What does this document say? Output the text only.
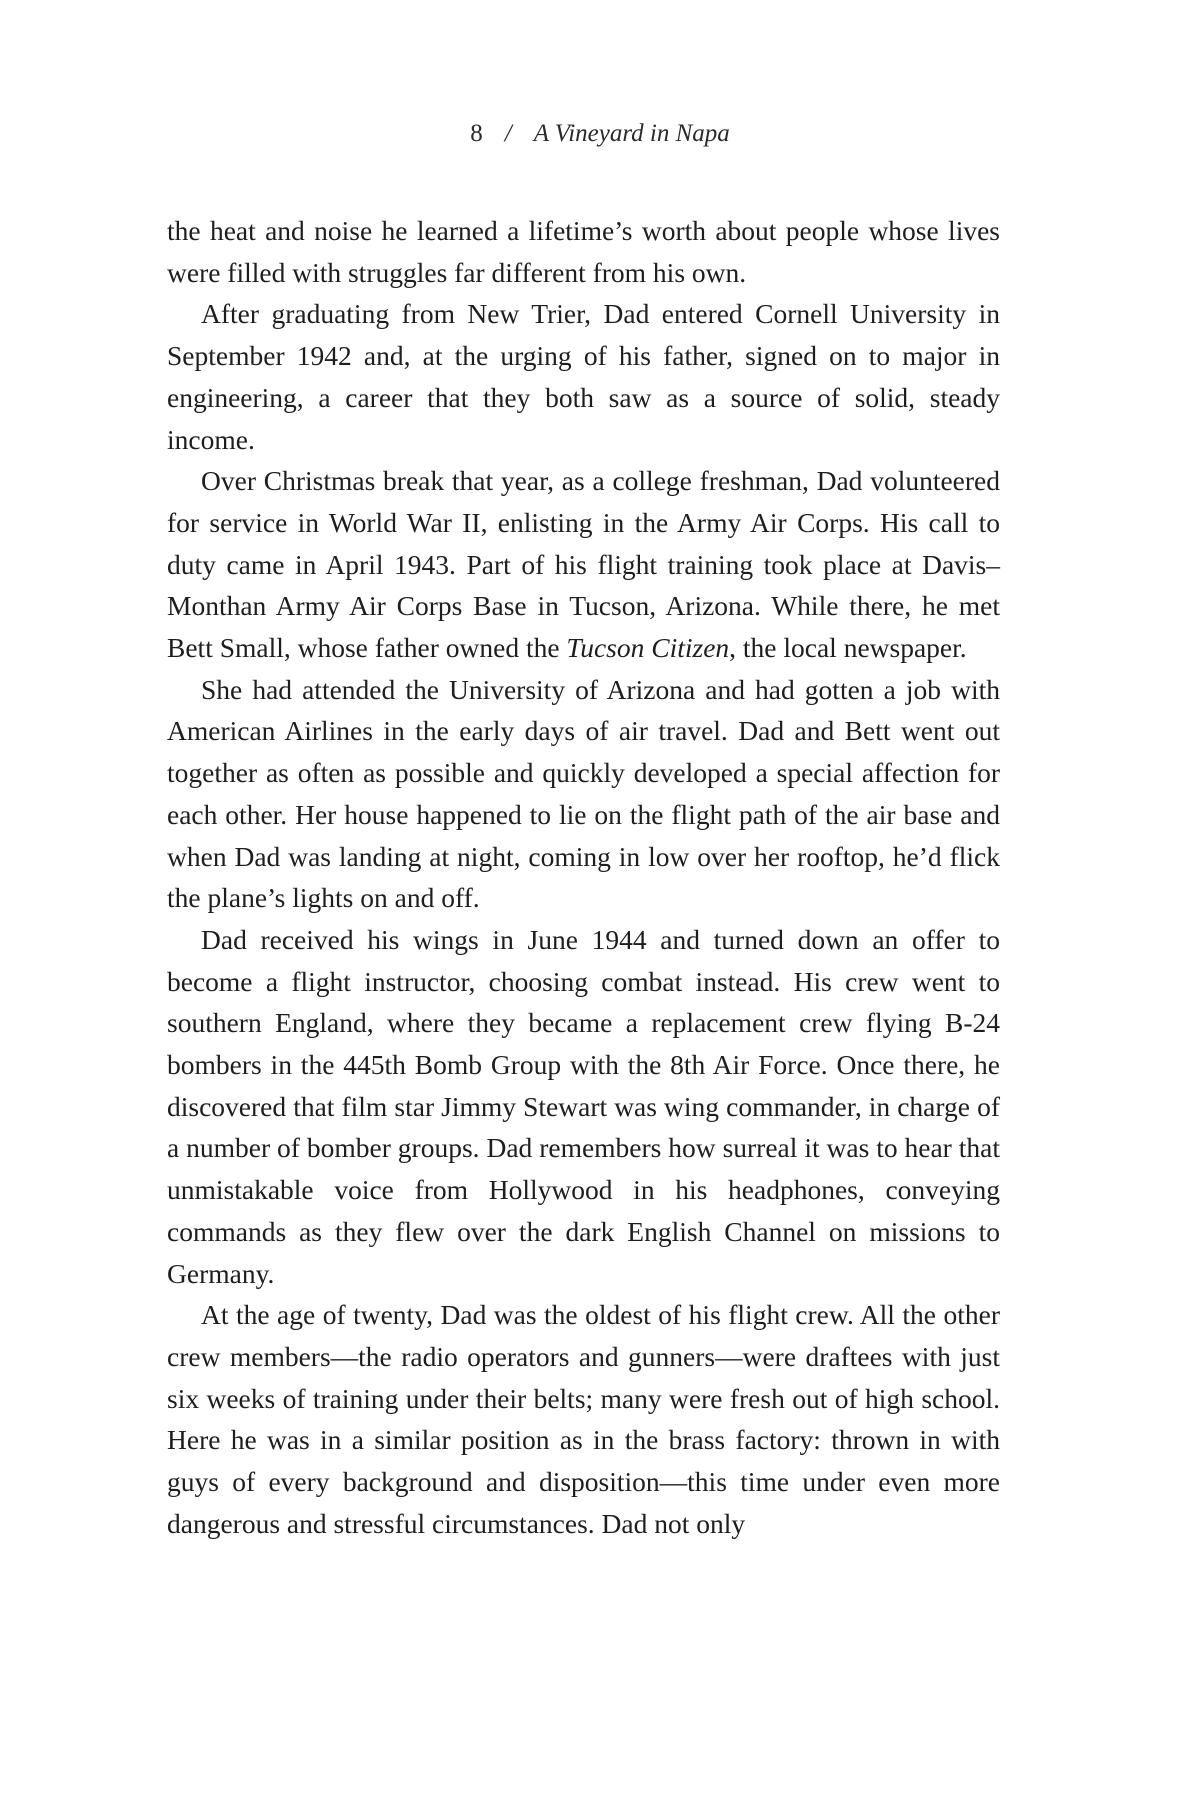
8 / A Vineyard in Napa

the heat and noise he learned a lifetime’s worth about people whose lives were filled with struggles far different from his own.

After graduating from New Trier, Dad entered Cornell University in September 1942 and, at the urging of his father, signed on to major in engineering, a career that they both saw as a source of solid, steady income.

Over Christmas break that year, as a college freshman, Dad volunteered for service in World War II, enlisting in the Army Air Corps. His call to duty came in April 1943. Part of his flight training took place at Davis–Monthan Army Air Corps Base in Tucson, Arizona. While there, he met Bett Small, whose father owned the Tucson Citizen, the local newspaper.

She had attended the University of Arizona and had gotten a job with American Airlines in the early days of air travel. Dad and Bett went out together as often as possible and quickly developed a special affection for each other. Her house happened to lie on the flight path of the air base and when Dad was landing at night, coming in low over her rooftop, he’d flick the plane’s lights on and off.

Dad received his wings in June 1944 and turned down an offer to become a flight instructor, choosing combat instead. His crew went to southern England, where they became a replacement crew flying B-24 bombers in the 445th Bomb Group with the 8th Air Force. Once there, he discovered that film star Jimmy Stewart was wing commander, in charge of a number of bomber groups. Dad remembers how surreal it was to hear that unmistakable voice from Hollywood in his headphones, conveying commands as they flew over the dark English Channel on missions to Germany.

At the age of twenty, Dad was the oldest of his flight crew. All the other crew members—the radio operators and gunners—were draftees with just six weeks of training under their belts; many were fresh out of high school. Here he was in a similar position as in the brass factory: thrown in with guys of every background and disposition—this time under even more dangerous and stressful circumstances. Dad not only
